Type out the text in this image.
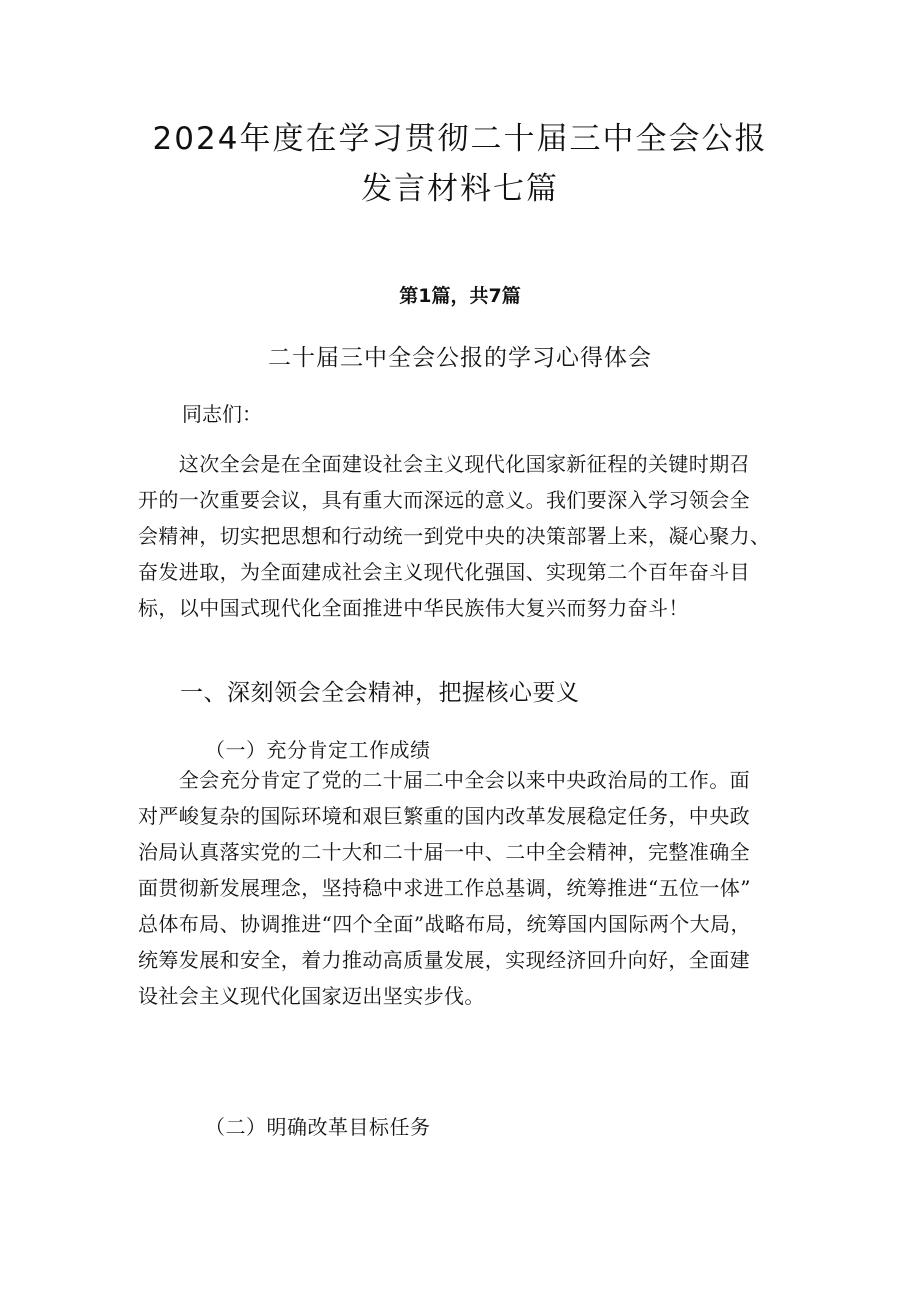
2024年度在学习贯彻二十届三中全会公报
发言材料七篇
第1篇，共7篇
二十届三中全会公报的学习心得体会
同志们：
　　这次全会是在全面建设社会主义现代化国家新征程的关键时期召
开的一次重要会议，具有重大而深远的意义。我们要深入学习领会全
会精神，切实把思想和行动统一到党中央的决策部署上来，凝心聚力、
奋发进取，为全面建成社会主义现代化强国、实现第二个百年奋斗目
标，以中国式现代化全面推进中华民族伟大复兴而努力奋斗！
一、深刻领会全会精神，把握核心要义
（一）充分肯定工作成绩
　　全会充分肯定了党的二十届二中全会以来中央政治局的工作。面
对严峻复杂的国际环境和艰巨繁重的国内改革发展稳定任务，中央政
治局认真落实党的二十大和二十届一中、二中全会精神，完整准确全
面贯彻新发展理念，坚持稳中求进工作总基调，统筹推进“五位一体”
总体布局、协调推进“四个全面”战略布局，统筹国内国际两个大局，
统筹发展和安全，着力推动高质量发展，实现经济回升向好，全面建
设社会主义现代化国家迈出坚实步伐。
（二）明确改革目标任务
